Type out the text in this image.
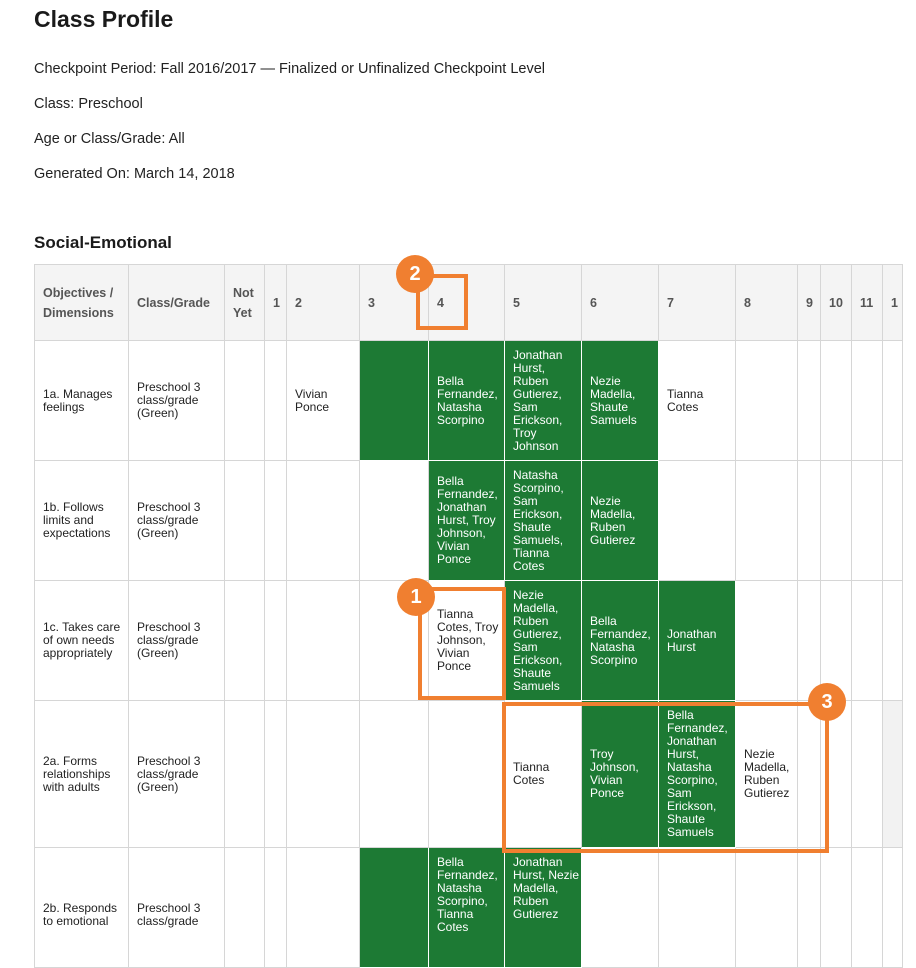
Class Profile
Checkpoint Period: Fall 2016/2017 — Finalized or Unfinalized Checkpoint Level
Class: Preschool
Age or Class/Grade: All
Generated On: March 14, 2018
Social-Emotional
Objectives / Dimensions	Class/Grade	Not Yet	1	2	3	4	5	6	7	8	9	10	11	1
1a. Manages feelings	Preschool 3 class/grade (Green)			Vivian Ponce		Bella Fernandez, Natasha Scorpino	Jonathan Hurst, Ruben Gutierez, Sam Erickson, Troy Johnson	Nezie Madella, Shaute Samuels	Tianna Cotes					
1b. Follows limits and expectations	Preschool 3 class/grade (Green)					Bella Fernandez, Jonathan Hurst, Troy Johnson, Vivian Ponce	Natasha Scorpino, Sam Erickson, Shaute Samuels, Tianna Cotes	Nezie Madella, Ruben Gutierez						
1c. Takes care of own needs appropriately	Preschool 3 class/grade (Green)					Tianna Cotes, Troy Johnson, Vivian Ponce	Nezie Madella, Ruben Gutierez, Sam Erickson, Shaute Samuels	Bella Fernandez, Natasha Scorpino	Jonathan Hurst					
2a. Forms relationships with adults	Preschool 3 class/grade (Green)						Tianna Cotes	Troy Johnson, Vivian Ponce	Bella Fernandez, Jonathan Hurst, Natasha Scorpino, Sam Erickson, Shaute Samuels	Nezie Madella, Ruben Gutierez				
2b. Responds to emotional	Preschool 3 class/grade					Bella Fernandez, Natasha Scorpino, Tianna Cotes	Jonathan Hurst, Nezie Madella, Ruben Gutierez							
2
1
3
